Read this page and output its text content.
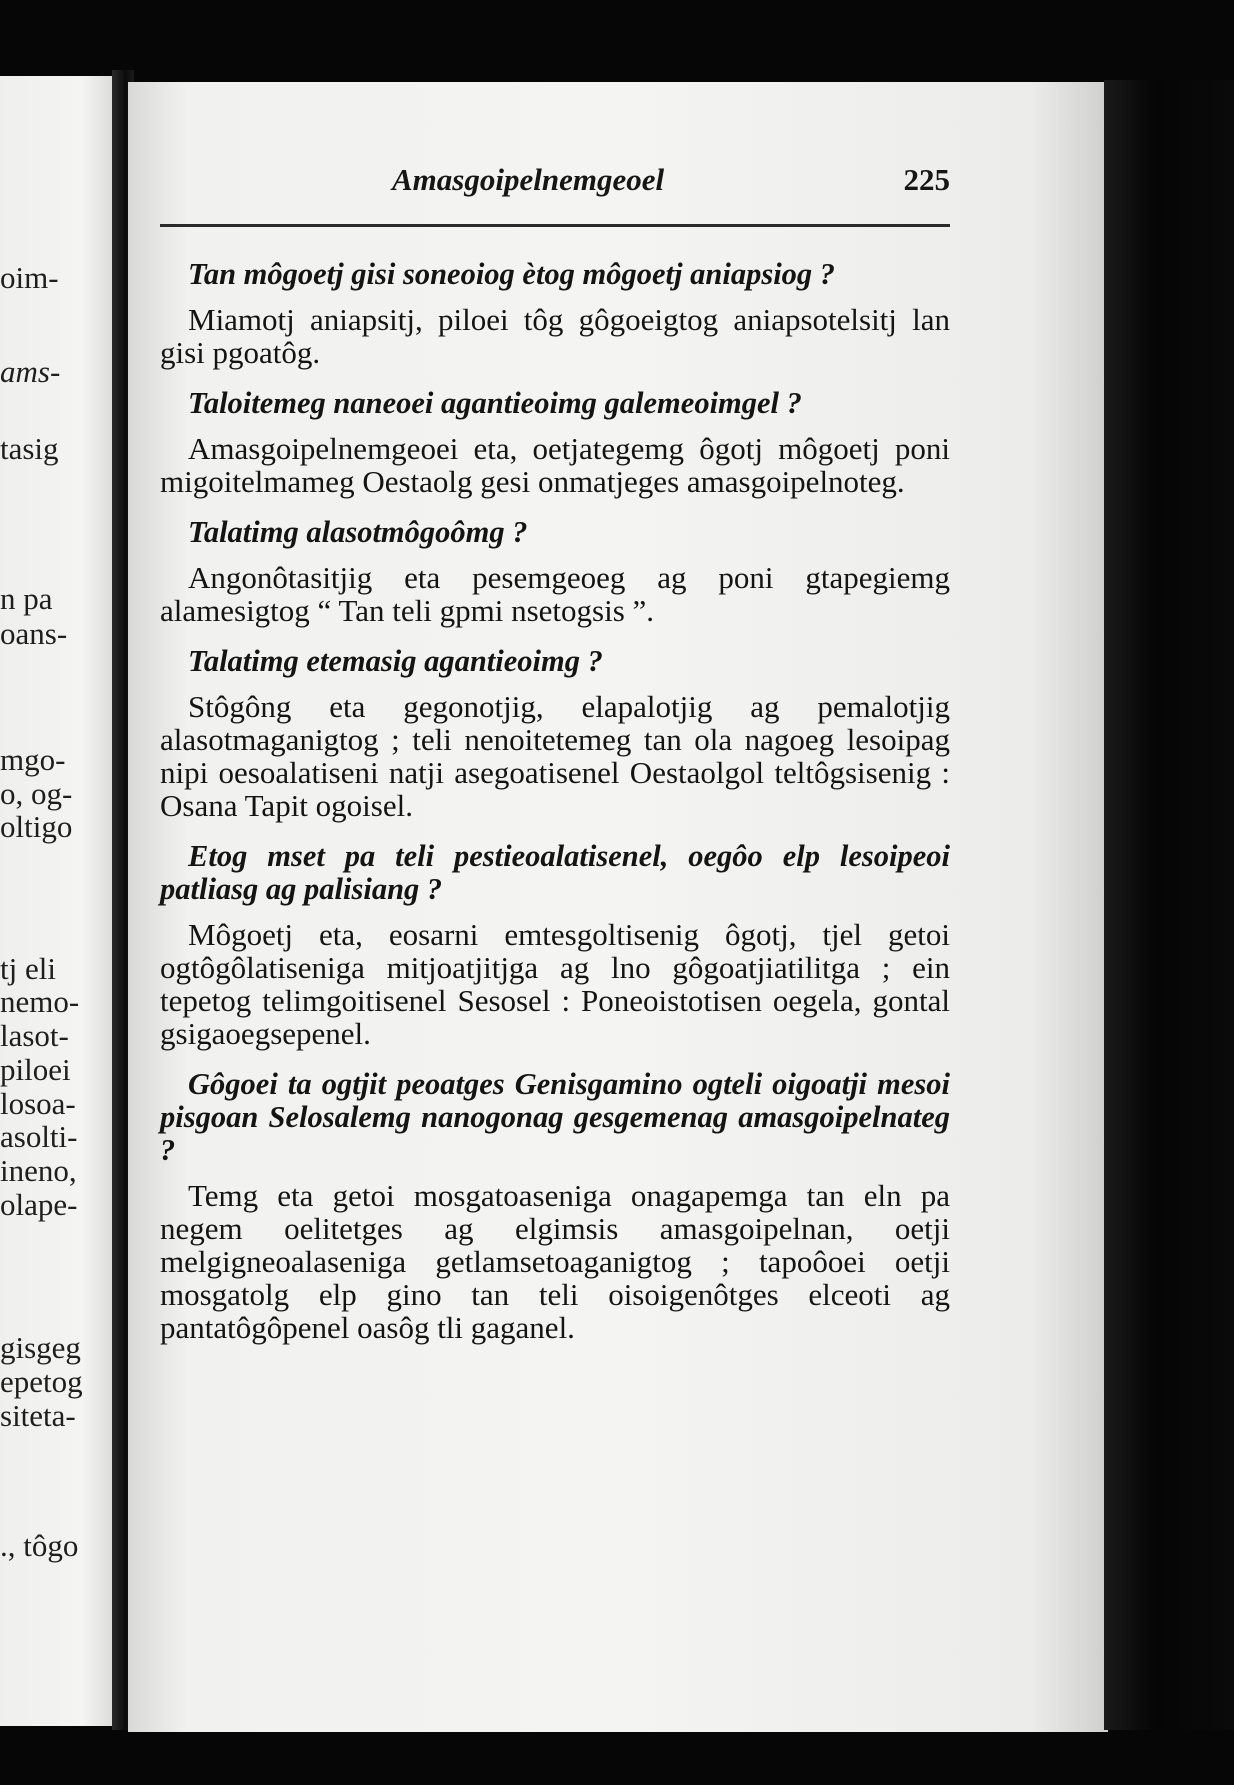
oim-
ams-
tasig
n pa
oans-
mgo-
o, og-
oltigo
tj eli
nemo-
lasot-
piloei
losoa-
asolti-
ineno,
olape-
gisgeg
epetog
siteta-
., tôgo
Amasgoipelnemgeoel	225

Tan môgoetj gisi soneoiog ètog môgoetj aniapsiog ?

Miamotj aniapsitj, piloei tôg gôgoeigtog aniapsotelsitj lan gisi pgoatôg.

Taloitemeg naneoei agantieoimg galemeoimgel ?

Amasgoipelnemgeoei eta, oetjategemg ôgotj môgoetj poni migoitelmameg Oestaolg gesi onmatjeges amasgoipelnoteg.

Talatimg alasotmôgoômg ?

Angonôtasitjig eta pesemgeoeg ag poni gtapegiemg alamesigtog “ Tan teli gpmi nsetogsis ”.

Talatimg etemasig agantieoimg ?

Stôgông eta gegonotjig, elapalotjig ag pemalotjig alasotmaganigtog ; teli nenoitetemeg tan ola nagoeg lesoipag nipi oesoalatiseni natji asegoatisenel Oestaolgol teltôgsisenig : Osana Tapit ogoisel.

Etog mset pa teli pestieoalatisenel, oegôo elp lesoipeoi patliasg ag palisiang ?

Môgoetj eta, eosarni emtesgoltisenig ôgotj, tjel getoi ogtôgôlatiseniga mitjoatjitjga ag lno gôgoatjiatilitga ; ein tepetog telimgoitisenel Sesosel : Poneoistotisen oegela, gontal gsigaoegsepenel.

Gôgoei ta ogtjit peoatges Genisgamino ogteli oigoatji mesoi pisgoan Selosalemg nanogonag gesgemenag amasgoipelnateg ?

Temg eta getoi mosgatoaseniga onagapemga tan eln pa negem oelitetges ag elgimsis amasgoipelnan, oetji melgigneoalaseniga getlamsetoaganigtog ; tapoôoei oetji mosgatolg elp gino tan teli oisoigenôtges elceoti ag pantatôgôpenel oasôg tli gaganel.
